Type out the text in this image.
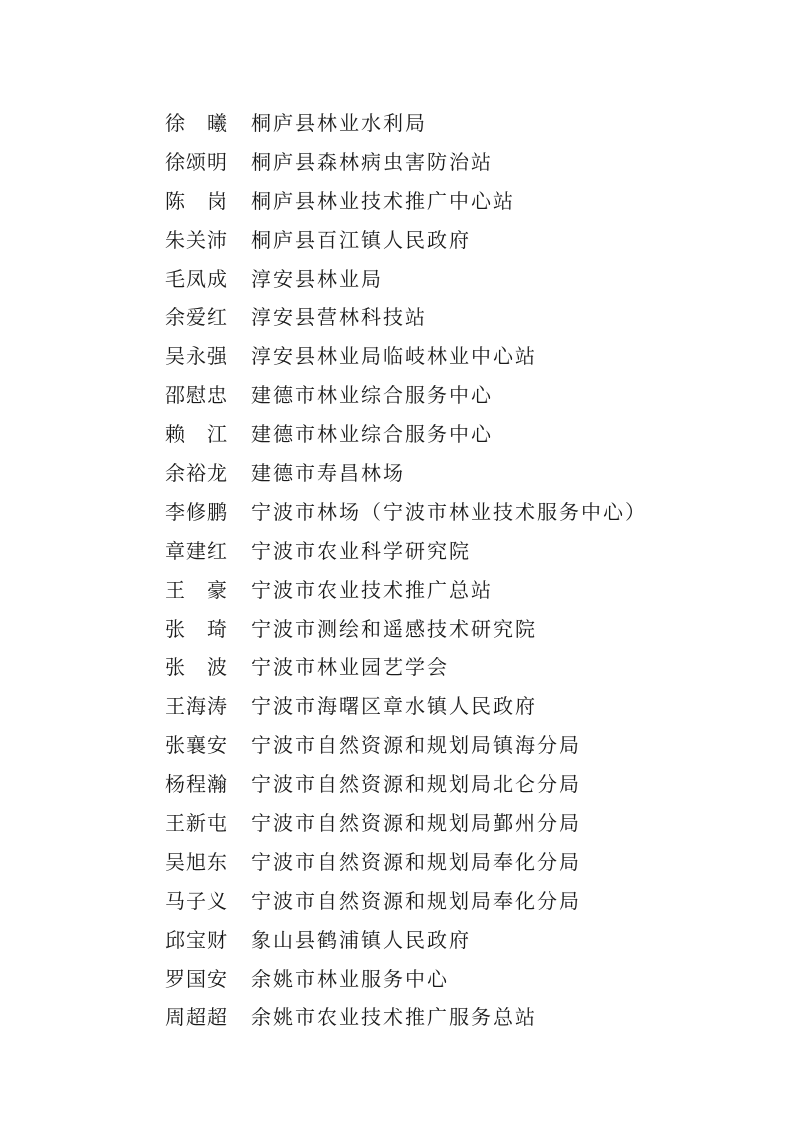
徐　曦 桐庐县林业水利局
徐颂明 桐庐县森林病虫害防治站
陈　岗 桐庐县林业技术推广中心站
朱关沛 桐庐县百江镇人民政府
毛凤成 淳安县林业局
余爱红 淳安县营林科技站
吴永强 淳安县林业局临岐林业中心站
邵慰忠 建德市林业综合服务中心
赖　江 建德市林业综合服务中心
余裕龙 建德市寿昌林场
李修鹏 宁波市林场（宁波市林业技术服务中心）
章建红 宁波市农业科学研究院
王　豪 宁波市农业技术推广总站
张　琦 宁波市测绘和遥感技术研究院
张　波 宁波市林业园艺学会
王海涛 宁波市海曙区章水镇人民政府
张襄安 宁波市自然资源和规划局镇海分局
杨程瀚 宁波市自然资源和规划局北仑分局
王新屯 宁波市自然资源和规划局鄞州分局
吴旭东 宁波市自然资源和规划局奉化分局
马子义 宁波市自然资源和规划局奉化分局
邱宝财 象山县鹤浦镇人民政府
罗国安 余姚市林业服务中心
周超超 余姚市农业技术推广服务总站
